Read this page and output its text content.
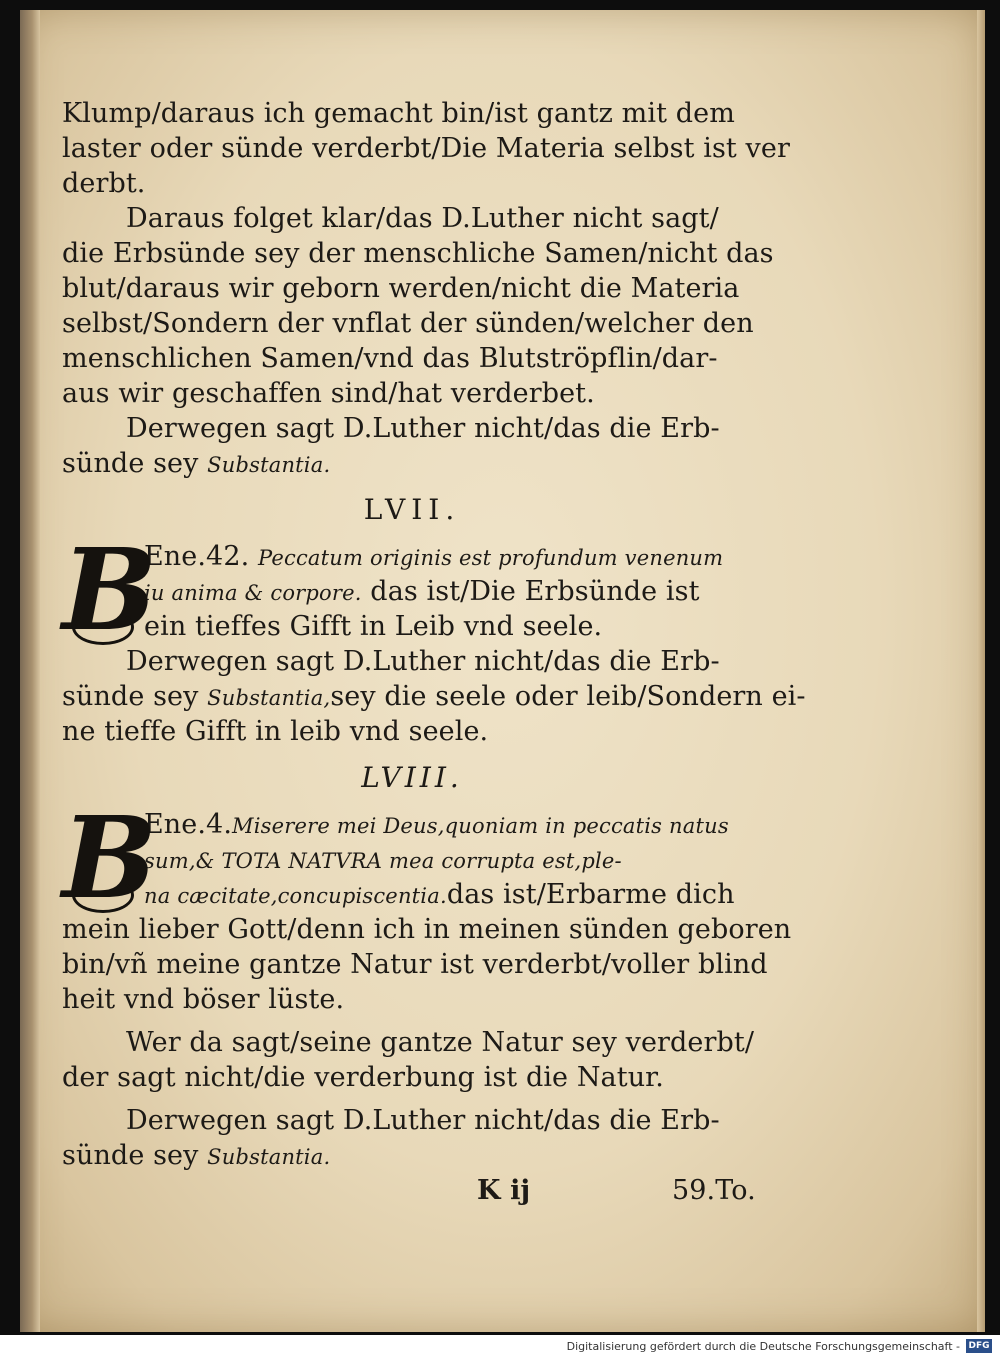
Klump/daraus ich gemacht bin/ist gantz mit dem
laster oder sünde verderbt/Die Materia selbst ist ver
derbt.
Daraus folget klar/das D.Luther nicht sagt/
die Erbsünde sey der menschliche Samen/nicht das
blut/daraus wir geborn werden/nicht die Materia
selbst/Sondern der vnflat der sünden/welcher den
menschlichen Samen/vnd das Blutströpflin/dar-
aus wir geschaffen sind/hat verderbet.
Derwegen sagt D.Luther nicht/das die Erb-
sünde sey Substantia.
LVII.
B
Ene.42. Peccatum originis est profundum venenum
iu anima & corpore. das ist/Die Erbsünde ist
ein tieffes Gifft in Leib vnd seele.
Derwegen sagt D.Luther nicht/das die Erb-
sünde sey Substantia,sey die seele oder leib/Sondern ei-
ne tieffe Gifft in leib vnd seele.
LVIII.
B
Ene.4.Miserere mei Deus,quoniam in peccatis natus
sum,& TOTA NATVRA mea corrupta est,ple-
na cæcitate,concupiscentia.das ist/Erbarme dich
mein lieber Gott/denn ich in meinen sünden geboren
bin/vñ meine gantze Natur ist verderbt/voller blind
heit vnd böser lüste.
Wer da sagt/seine gantze Natur sey verderbt/
der sagt nicht/die verderbung ist die Natur.
Derwegen sagt D.Luther nicht/das die Erb-
sünde sey Substantia.
K ij	59.To.
Digitalisierung gefördert durch die Deutsche Forschungsgemeinschaft - DFG
